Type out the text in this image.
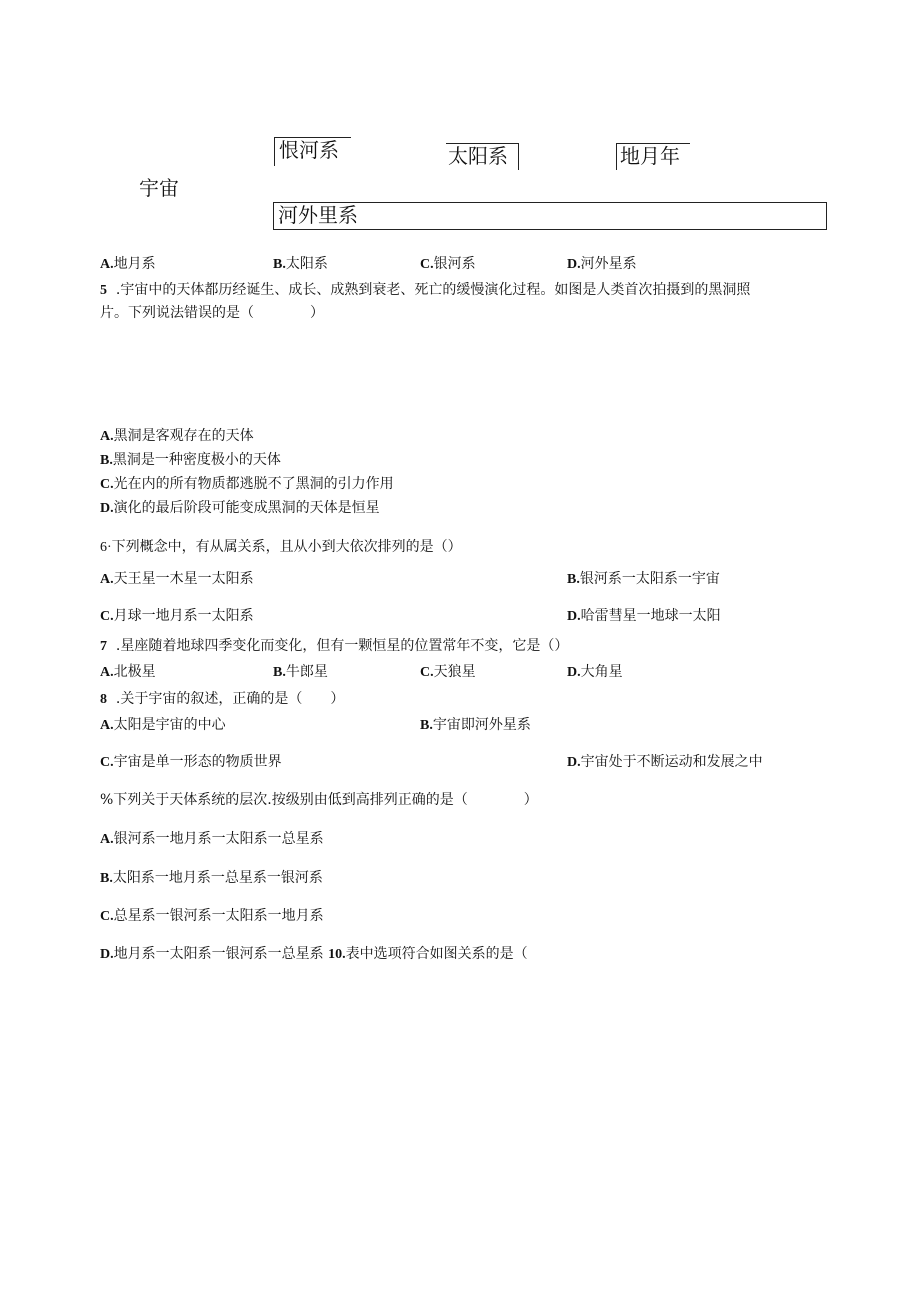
宇宙
恨河系	太阳系	地月年
河外里系
A.地月系	B.太阳系	C.银河系	D.河外星系
5 .宇宙中的天体都历经诞生、成长、成熟到衰老、死亡的缓慢演化过程。如图是人类首次拍摄到的黑洞照
片。下列说法错误的是（　　　　）
A.黑洞是客观存在的天体
B.黑洞是一种密度极小的天体
C.光在内的所有物质都逃脱不了黑洞的引力作用
D.演化的最后阶段可能变成黑洞的天体是恒星
6·下列概念中，有从属关系，且从小到大依次排列的是（）
A.天王星一木星一太阳系	B.银河系一太阳系一宇宙
C.月球一地月系一太阳系	D.哈雷彗星一地球一太阳
7 .星座随着地球四季变化而变化，但有一颗恒星的位置常年不变，它是（）
A.北极星	B.牛郎星	C.天狼星	D.大角星
8 .关于宇宙的叙述，正确的是（　　）
A.太阳是宇宙的中心	B.宇宙即河外星系
C.宇宙是单一形态的物质世界	D.宇宙处于不断运动和发展之中
%下列关于天体系统的层次.按级别由低到高排列正确的是（　　　　）
A.银河系一地月系一太阳系一总星系
B.太阳系一地月系一总星系一银河系
C.总星系一银河系一太阳系一地月系
D.地月系一太阳系一银河系一总星系 10.表中选项符合如图关系的是（
